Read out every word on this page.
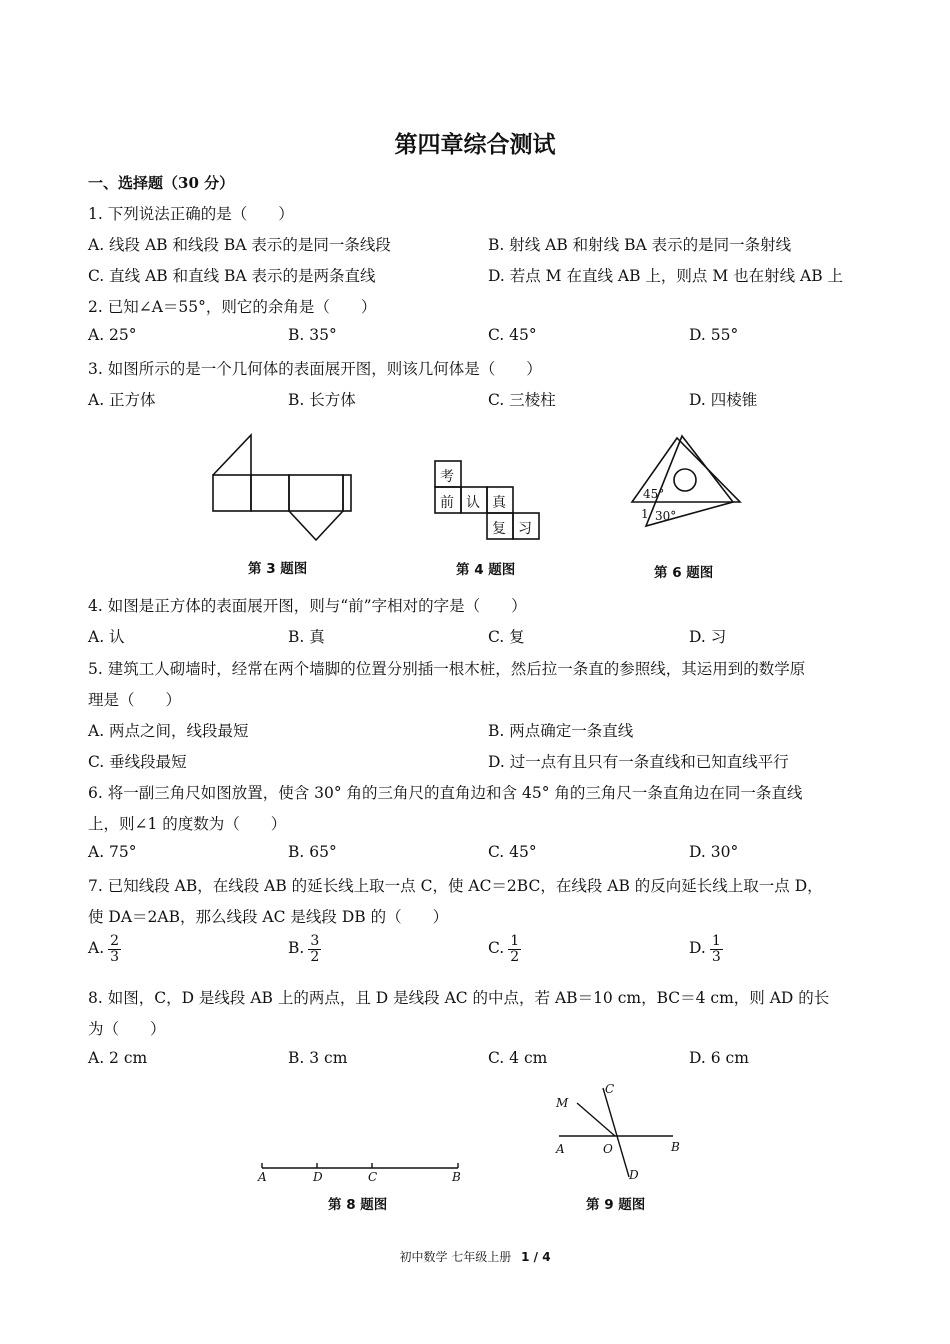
第四章综合测试
一、选择题（30 分）
1. 下列说法正确的是（　　）
A. 线段 AB 和线段 BA 表示的是同一条线段	B. 射线 AB 和射线 BA 表示的是同一条射线
C. 直线 AB 和直线 BA 表示的是两条直线	D. 若点 M 在直线 AB 上，则点 M 也在射线 AB 上
2. 已知∠A＝55°，则它的余角是（　　）
A. 25°	B. 35°	C. 45°	D. 55°
3. 如图所示的是一个几何体的表面展开图，则该几何体是（　　）
A. 正方体	B. 长方体	C. 三棱柱	D. 四棱锥
第 3 题图
考
前 认 真
复 习
第 4 题图
45°
1 30°
第 6 题图
4. 如图是正方体的表面展开图，则与“前”字相对的字是（　　）
A. 认	B. 真	C. 复	D. 习
5. 建筑工人砌墙时，经常在两个墙脚的位置分别插一根木桩，然后拉一条直的参照线，其运用到的数学原
理是（　　）
A. 两点之间，线段最短	B. 两点确定一条直线
C. 垂线段最短	D. 过一点有且只有一条直线和已知直线平行
6. 将一副三角尺如图放置，使含 30° 角的三角尺的直角边和含 45° 角的三角尺一条直角边在同一条直线
上，则∠1 的度数为（　　）
A. 75°	B. 65°	C. 45°	D. 30°
7. 已知线段 AB，在线段 AB 的延长线上取一点 C，使 AC＝2BC，在线段 AB 的反向延长线上取一点 D，
使 DA＝2AB，那么线段 AC 是线段 DB 的（　　）
A. $\frac{2}{3}$	B. $\frac{3}{2}$	C. $\frac{1}{2}$	D. $\frac{1}{3}$
8. 如图，C，D 是线段 AB 上的两点，且 D 是线段 AC 的中点，若 AB＝10 cm，BC＝4 cm，则 AD 的长
为（　　）
A. 2 cm	B. 3 cm	C. 4 cm	D. 6 cm
A	D	C	B
第 8 题图
M
C
A	O	B
D
第 9 题图
初中数学 七年级上册 1 / 4
